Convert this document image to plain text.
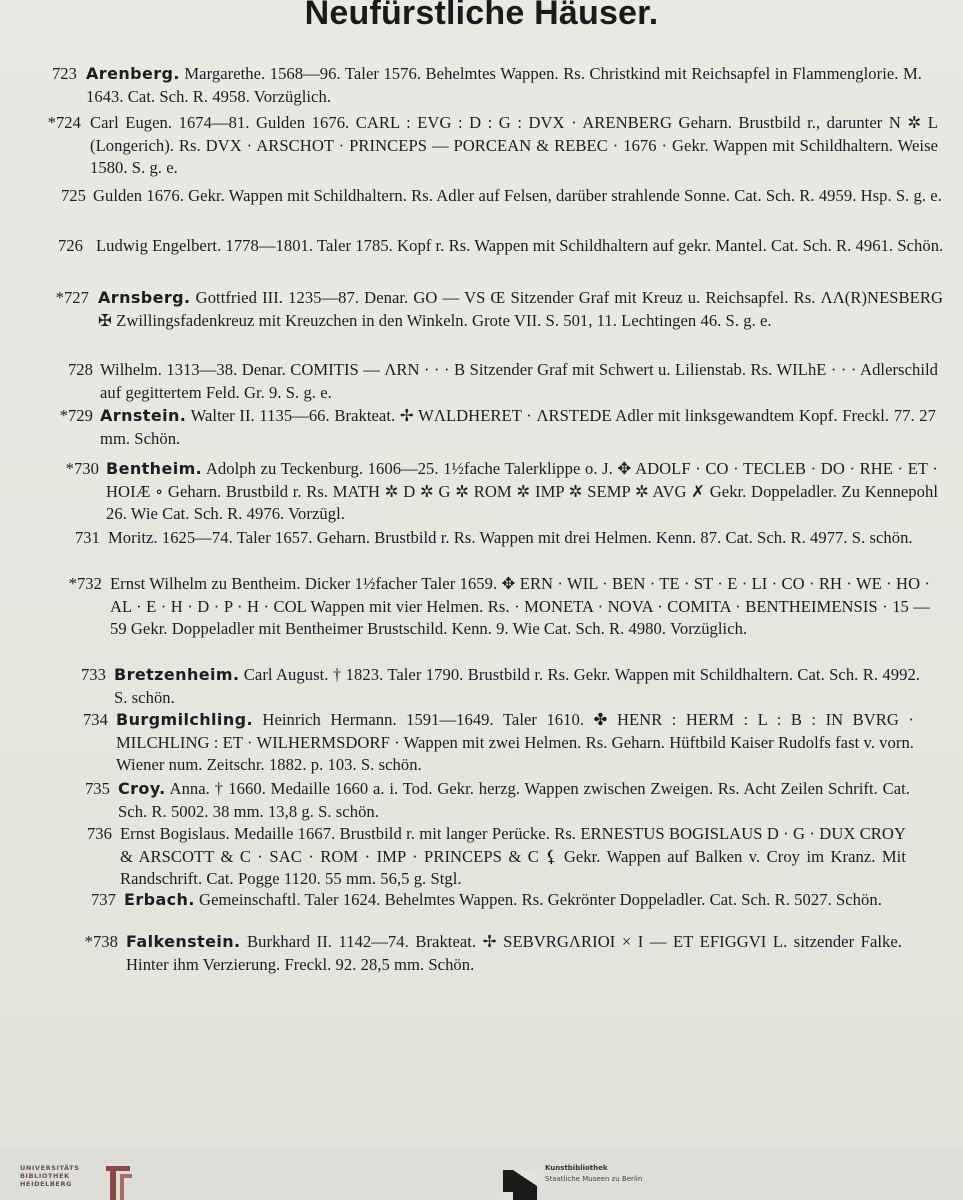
Neufürstliche Häuser.
723 Arenberg. Margarethe. 1568—96. Taler 1576. Behelmtes Wappen. Rs. Christkind mit Reichsapfel in Flammenglorie. M. 1643. Cat. Sch. R. 4958. Vorzüglich.
*724 Carl Eugen. 1674—81. Gulden 1676. CARL : EVG : D : G : DVX · ARENBERG Geharn. Brustbild r., darunter N ✲ L (Longerich). Rs. DVX · ARSCHOT · PRINCEPS — PORCEAN & REBEC · 1676 · Gekr. Wappen mit Schildhaltern. Weise 1580. S. g. e.
725 Gulden 1676. Gekr. Wappen mit Schildhaltern. Rs. Adler auf Felsen, darüber strahlende Sonne. Cat. Sch. R. 4959. Hsp. S. g. e.
726 Ludwig Engelbert. 1778—1801. Taler 1785. Kopf r. Rs. Wappen mit Schildhaltern auf gekr. Mantel. Cat. Sch. R. 4961. Schön.
*727 Arnsberg. Gottfried III. 1235—87. Denar. GO — VS Œ Sitzender Graf mit Kreuz u. Reichsapfel. Rs. ΛΛ(R)NESBERG ✠ Zwillingsfadenkreuz mit Kreuzchen in den Winkeln. Grote VII. S. 501, 11. Lechtingen 46. S. g. e.
728 Wilhelm. 1313—38. Denar. COMITIS — ΛRN · · · B Sitzender Graf mit Schwert u. Lilienstab. Rs. WILhE · · · Adlerschild auf gegittertem Feld. Gr. 9. S. g. e.
*729 Arnstein. Walter II. 1135—66. Brakteat. ✢ WΛLDHERET · ΛRSTEDE Adler mit linksgewandtem Kopf. Freckl. 77. 27 mm. Schön.
*730 Bentheim. Adolph zu Teckenburg. 1606—25. 1½fache Talerklippe o. J. ✥ ADOLF · CO · TECLEB · DO · RHE · ET · HOIÆ ∘ Geharn. Brustbild r. Rs. MATH ✲ D ✲ G ✲ ROM ✲ IMP ✲ SEMP ✲ AVG ✗ Gekr. Doppeladler. Zu Kennepohl 26. Wie Cat. Sch. R. 4976. Vorzügl.
731 Moritz. 1625—74. Taler 1657. Geharn. Brustbild r. Rs. Wappen mit drei Helmen. Kenn. 87. Cat. Sch. R. 4977. S. schön.
*732 Ernst Wilhelm zu Bentheim. Dicker 1½facher Taler 1659. ✥ ERN · WIL · BEN · TE · ST · E · LI · CO · RH · WE · HO · AL · E · H · D · P · H · COL Wappen mit vier Helmen. Rs. · MONETA · NOVA · COMITA · BENTHEIMENSIS · 15 — 59 Gekr. Doppeladler mit Bentheimer Brustschild. Kenn. 9. Wie Cat. Sch. R. 4980. Vorzüglich.
733 Bretzenheim. Carl August. † 1823. Taler 1790. Brustbild r. Rs. Gekr. Wappen mit Schildhaltern. Cat. Sch. R. 4992. S. schön.
734 Burgmilchling. Heinrich Hermann. 1591—1649. Taler 1610. ✤ HENR : HERM : L : B : IN BVRG · MILCHLING : ET · WILHERMSDORF · Wappen mit zwei Helmen. Rs. Geharn. Hüftbild Kaiser Rudolfs fast v. vorn. Wiener num. Zeitschr. 1882. p. 103. S. schön.
735 Croy. Anna. † 1660. Medaille 1660 a. i. Tod. Gekr. herzg. Wappen zwischen Zweigen. Rs. Acht Zeilen Schrift. Cat. Sch. R. 5002. 38 mm. 13,8 g. S. schön.
736 Ernst Bogislaus. Medaille 1667. Brustbild r. mit langer Perücke. Rs. ERNESTUS BOGISLAUS D · G · DUX CROY & ARSCOTT & C · SAC · ROM · IMP · PRINCEPS & C ⚸ Gekr. Wappen auf Balken v. Croy im Kranz. Mit Randschrift. Cat. Pogge 1120. 55 mm. 56,5 g. Stgl.
737 Erbach. Gemeinschaftl. Taler 1624. Behelmtes Wappen. Rs. Gekrönter Doppeladler. Cat. Sch. R. 5027. Schön.
*738 Falkenstein. Burkhard II. 1142—74. Brakteat. ✢ SEBVRGΛRIOI × I — ET EFIGGVI L. sitzender Falke. Hinter ihm Verzierung. Freckl. 92. 28,5 mm. Schön.
UNIVERSITÄTS
BIBLIOTHEK
HEIDELBERG
Kunstbibliothek
Staatliche Museen zu Berlin
